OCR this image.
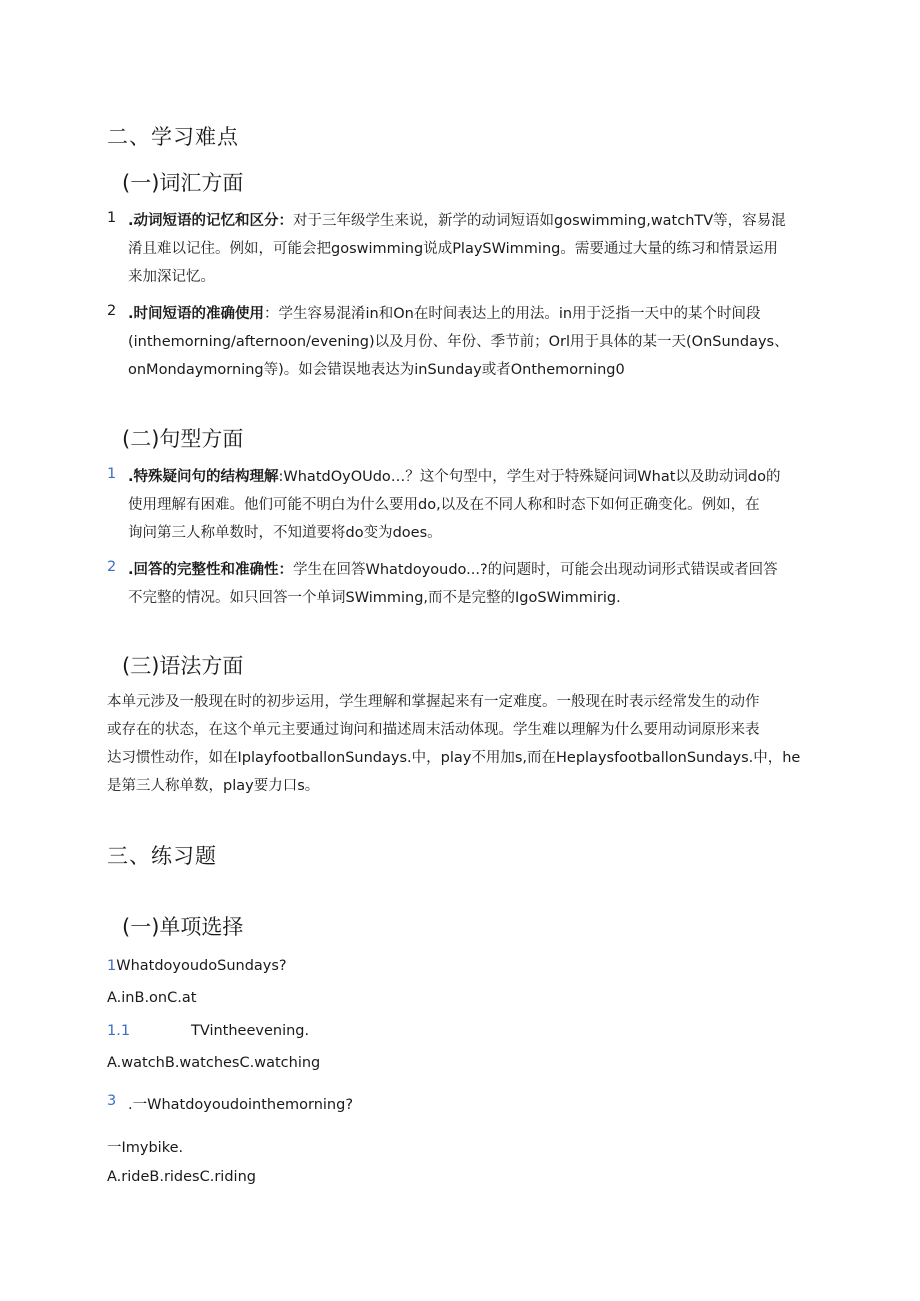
二、学习难点
(一)词汇方面
1 .动词短语的记忆和区分：对于三年级学生来说，新学的动词短语如goswimming,watchTV等，容易混
淆且难以记住。例如，可能会把goswimming说成PlaySWimming。需要通过大量的练习和情景运用
来加深记忆。
2 .时间短语的准确使用：学生容易混淆in和On在时间表达上的用法。in用于泛指一天中的某个时间段
(inthemorning/afternoon/evening)以及月份、年份、季节前；Orl用于具体的某一天(OnSundays、
onMondaymorning等)。如会错误地表达为inSunday或者Onthemorning0
(二)句型方面
1 .特殊疑问句的结构理解:WhatdOyOUdo…？这个句型中，学生对于特殊疑问词What以及助动词do的
使用理解有困难。他们可能不明白为什么要用do,以及在不同人称和时态下如何正确变化。例如，在
询问第三人称单数时，不知道要将do变为does。
2 .回答的完整性和准确性：学生在回答Whatdoyoudo...?的问题时，可能会出现动词形式错误或者回答
不完整的情况。如只回答一个单词SWimming,而不是完整的IgoSWimmirig.
(三)语法方面
本单元涉及一般现在时的初步运用，学生理解和掌握起来有一定难度。一般现在时表示经常发生的动作
或存在的状态，在这个单元主要通过询问和描述周末活动体现。学生难以理解为什么要用动词原形来表
达习惯性动作，如在IplayfootballonSundays.中，play不用加s,而在HeplaysfootballonSundays.中，he
是第三人称单数，play要力口s。
三、练习题
(一)单项选择
1WhatdoyoudoSundays?
A.inB.onC.at
1.1	TVintheevening.
A.watchB.watchesC.watching
3 .一Whatdoyoudointhemorning?
一Imybike.
A.rideB.ridesC.riding
